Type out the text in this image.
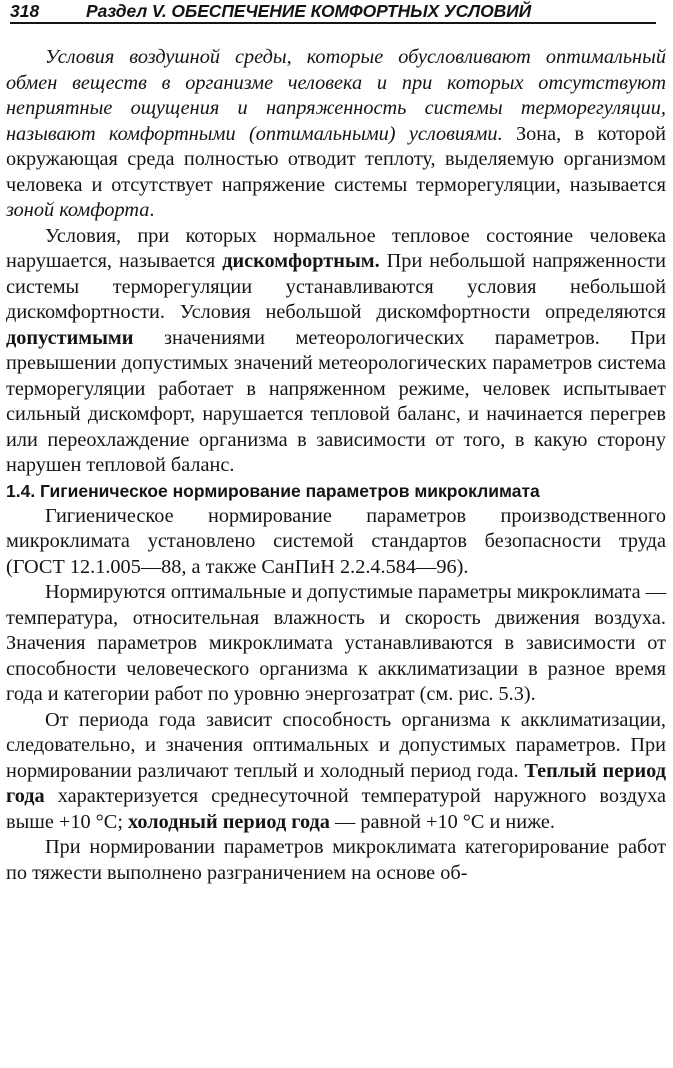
318	Раздел V. ОБЕСПЕЧЕНИЕ КОМФОРТНЫХ УСЛОВИЙ

Условия воздушной среды, которые обусловливают оптимальный обмен веществ в организме человека и при которых отсутствуют неприятные ощущения и напряженность системы терморегуляции, называют комфортными (оптимальными) условиями. Зона, в которой окружающая среда полностью отводит теплоту, выделяемую организмом человека и отсутствует напряжение системы терморегуляции, называется зоной комфорта.

Условия, при которых нормальное тепловое состояние человека нарушается, называется дискомфортным. При небольшой напряженности системы терморегуляции устанавливаются условия небольшой дискомфортности. Условия небольшой дискомфортности определяются допустимыми значениями метеорологических параметров. При превышении допустимых значений метеорологических параметров система терморегуляции работает в напряженном режиме, человек испытывает сильный дискомфорт, нарушается тепловой баланс, и начинается перегрев или переохлаждение организма в зависимости от того, в какую сторону нарушен тепловой баланс.

1.4. Гигиеническое нормирование параметров микроклимата

Гигиеническое нормирование параметров производственного микроклимата установлено системой стандартов безопасности труда (ГОСТ 12.1.005—88, а также СанПиН 2.2.4.584—96).

Нормируются оптимальные и допустимые параметры микроклимата — температура, относительная влажность и скорость движения воздуха. Значения параметров микроклимата устанавливаются в зависимости от способности человеческого организма к акклиматизации в разное время года и категории работ по уровню энергозатрат (см. рис. 5.3).

От периода года зависит способность организма к акклиматизации, следовательно, и значения оптимальных и допустимых параметров. При нормировании различают теплый и холодный период года. Теплый период года характеризуется среднесуточной температурой наружного воздуха выше +10 °С; холодный период года — равной +10 °С и ниже.

При нормировании параметров микроклимата категорирование работ по тяжести выполнено разграничением на основе об-
